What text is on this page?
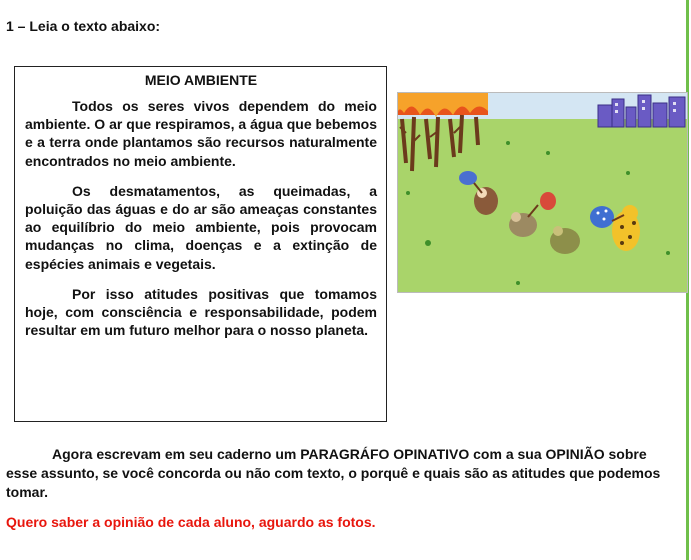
1 – Leia o texto abaixo:
MEIO AMBIENTE

Todos os seres vivos dependem do meio ambiente. O ar que respiramos, a água que bebemos e a terra onde plantamos são recursos naturalmente encontrados no meio ambiente.

Os desmatamentos, as queimadas, a poluição das águas e do ar são ameaças constantes ao equilíbrio do meio ambiente, pois provocam mudanças no clima, doenças e a extinção de espécies animais e vegetais.

Por isso atitudes positivas que tomamos hoje, com consciência e responsabilidade, podem resultar em um futuro melhor para o nosso planeta.

Agora escrevam em seu caderno um PARAGRÁFO OPINATIVO com a sua OPINIÃO sobre esse assunto, se você concorda ou não com texto, o porquê e quais são as atitudes que podemos tomar.
Quero saber a opinião de cada aluno, aguardo as fotos.
